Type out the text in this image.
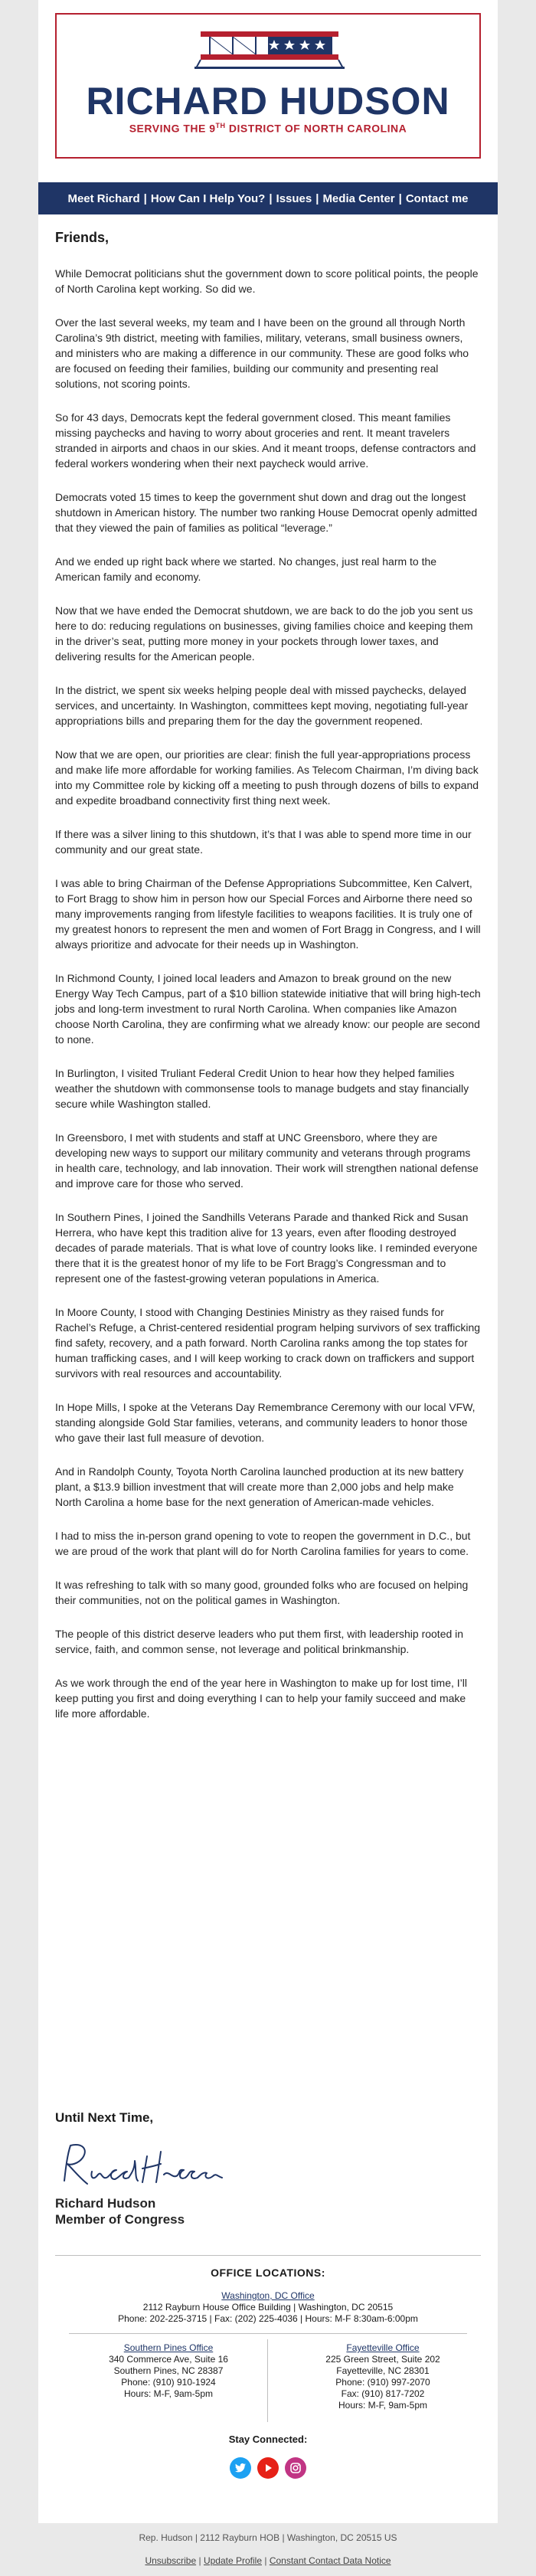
RICHARD HUDSON
SERVING THE 9TH DISTRICT OF NORTH CAROLINA
Meet Richard | How Can I Help You? | Issues | Media Center | Contact me
Friends,

While Democrat politicians shut the government down to score political points, the people of North Carolina kept working. So did we.

Over the last several weeks, my team and I have been on the ground all through North Carolina’s 9th district, meeting with families, military, veterans, small business owners, and ministers who are making a difference in our community. These are good folks who are focused on feeding their families, building our community and presenting real solutions, not scoring points.

So for 43 days, Democrats kept the federal government closed. This meant families missing paychecks and having to worry about groceries and rent. It meant travelers stranded in airports and chaos in our skies. And it meant troops, defense contractors and federal workers wondering when their next paycheck would arrive.

Democrats voted 15 times to keep the government shut down and drag out the longest shutdown in American history. The number two ranking House Democrat openly admitted that they viewed the pain of families as political “leverage.”

And we ended up right back where we started. No changes, just real harm to the American family and economy.

Now that we have ended the Democrat shutdown, we are back to do the job you sent us here to do: reducing regulations on businesses, giving families choice and keeping them in the driver’s seat, putting more money in your pockets through lower taxes, and delivering results for the American people.

In the district, we spent six weeks helping people deal with missed paychecks, delayed services, and uncertainty. In Washington, committees kept moving, negotiating full-year appropriations bills and preparing them for the day the government reopened.

Now that we are open, our priorities are clear: finish the full year-appropriations process and make life more affordable for working families. As Telecom Chairman, I’m diving back into my Committee role by kicking off a meeting to push through dozens of bills to expand and expedite broadband connectivity first thing next week.

If there was a silver lining to this shutdown, it’s that I was able to spend more time in our community and our great state.

I was able to bring Chairman of the Defense Appropriations Subcommittee, Ken Calvert, to Fort Bragg to show him in person how our Special Forces and Airborne there need so many improvements ranging from lifestyle facilities to weapons facilities. It is truly one of my greatest honors to represent the men and women of Fort Bragg in Congress, and I will always prioritize and advocate for their needs up in Washington.

In Richmond County, I joined local leaders and Amazon to break ground on the new Energy Way Tech Campus, part of a $10 billion statewide initiative that will bring high-tech jobs and long-term investment to rural North Carolina. When companies like Amazon choose North Carolina, they are confirming what we already know: our people are second to none.

In Burlington, I visited Truliant Federal Credit Union to hear how they helped families weather the shutdown with commonsense tools to manage budgets and stay financially secure while Washington stalled.

In Greensboro, I met with students and staff at UNC Greensboro, where they are developing new ways to support our military community and veterans through programs in health care, technology, and lab innovation. Their work will strengthen national defense and improve care for those who served.

In Southern Pines, I joined the Sandhills Veterans Parade and thanked Rick and Susan Herrera, who have kept this tradition alive for 13 years, even after flooding destroyed decades of parade materials. That is what love of country looks like. I reminded everyone there that it is the greatest honor of my life to be Fort Bragg’s Congressman and to represent one of the fastest-growing veteran populations in America.

In Moore County, I stood with Changing Destinies Ministry as they raised funds for Rachel’s Refuge, a Christ-centered residential program helping survivors of sex trafficking find safety, recovery, and a path forward. North Carolina ranks among the top states for human trafficking cases, and I will keep working to crack down on traffickers and support survivors with real resources and accountability.

In Hope Mills, I spoke at the Veterans Day Remembrance Ceremony with our local VFW, standing alongside Gold Star families, veterans, and community leaders to honor those who gave their last full measure of devotion.

And in Randolph County, Toyota North Carolina launched production at its new battery plant, a $13.9 billion investment that will create more than 2,000 jobs and help make North Carolina a home base for the next generation of American-made vehicles.

I had to miss the in-person grand opening to vote to reopen the government in D.C., but we are proud of the work that plant will do for North Carolina families for years to come.

It was refreshing to talk with so many good, grounded folks who are focused on helping their communities, not on the political games in Washington.

The people of this district deserve leaders who put them first, with leadership rooted in service, faith, and common sense, not leverage and political brinkmanship.

As we work through the end of the year here in Washington to make up for lost time, I’ll keep putting you first and doing everything I can to help your family succeed and make life more affordable.

Until Next Time,
Richard Hudson
Member of Congress
OFFICE LOCATIONS:
Washington, DC Office
2112 Rayburn House Office Building | Washington, DC 20515
Phone: 202-225-3715 | Fax: (202) 225-4036 | Hours: M-F 8:30am-6:00pm
Southern Pines Office
340 Commerce Ave, Suite 16
Southern Pines, NC 28387
Phone: (910) 910-1924
Hours: M-F, 9am-5pm
Fayetteville Office
225 Green Street, Suite 202
Fayetteville, NC 28301
Phone: (910) 997-2070
Fax: (910) 817-7202
Hours: M-F, 9am-5pm
Stay Connected:
Rep. Hudson | 2112 Rayburn HOB | Washington, DC 20515 US
Unsubscribe | Update Profile | Constant Contact Data Notice
